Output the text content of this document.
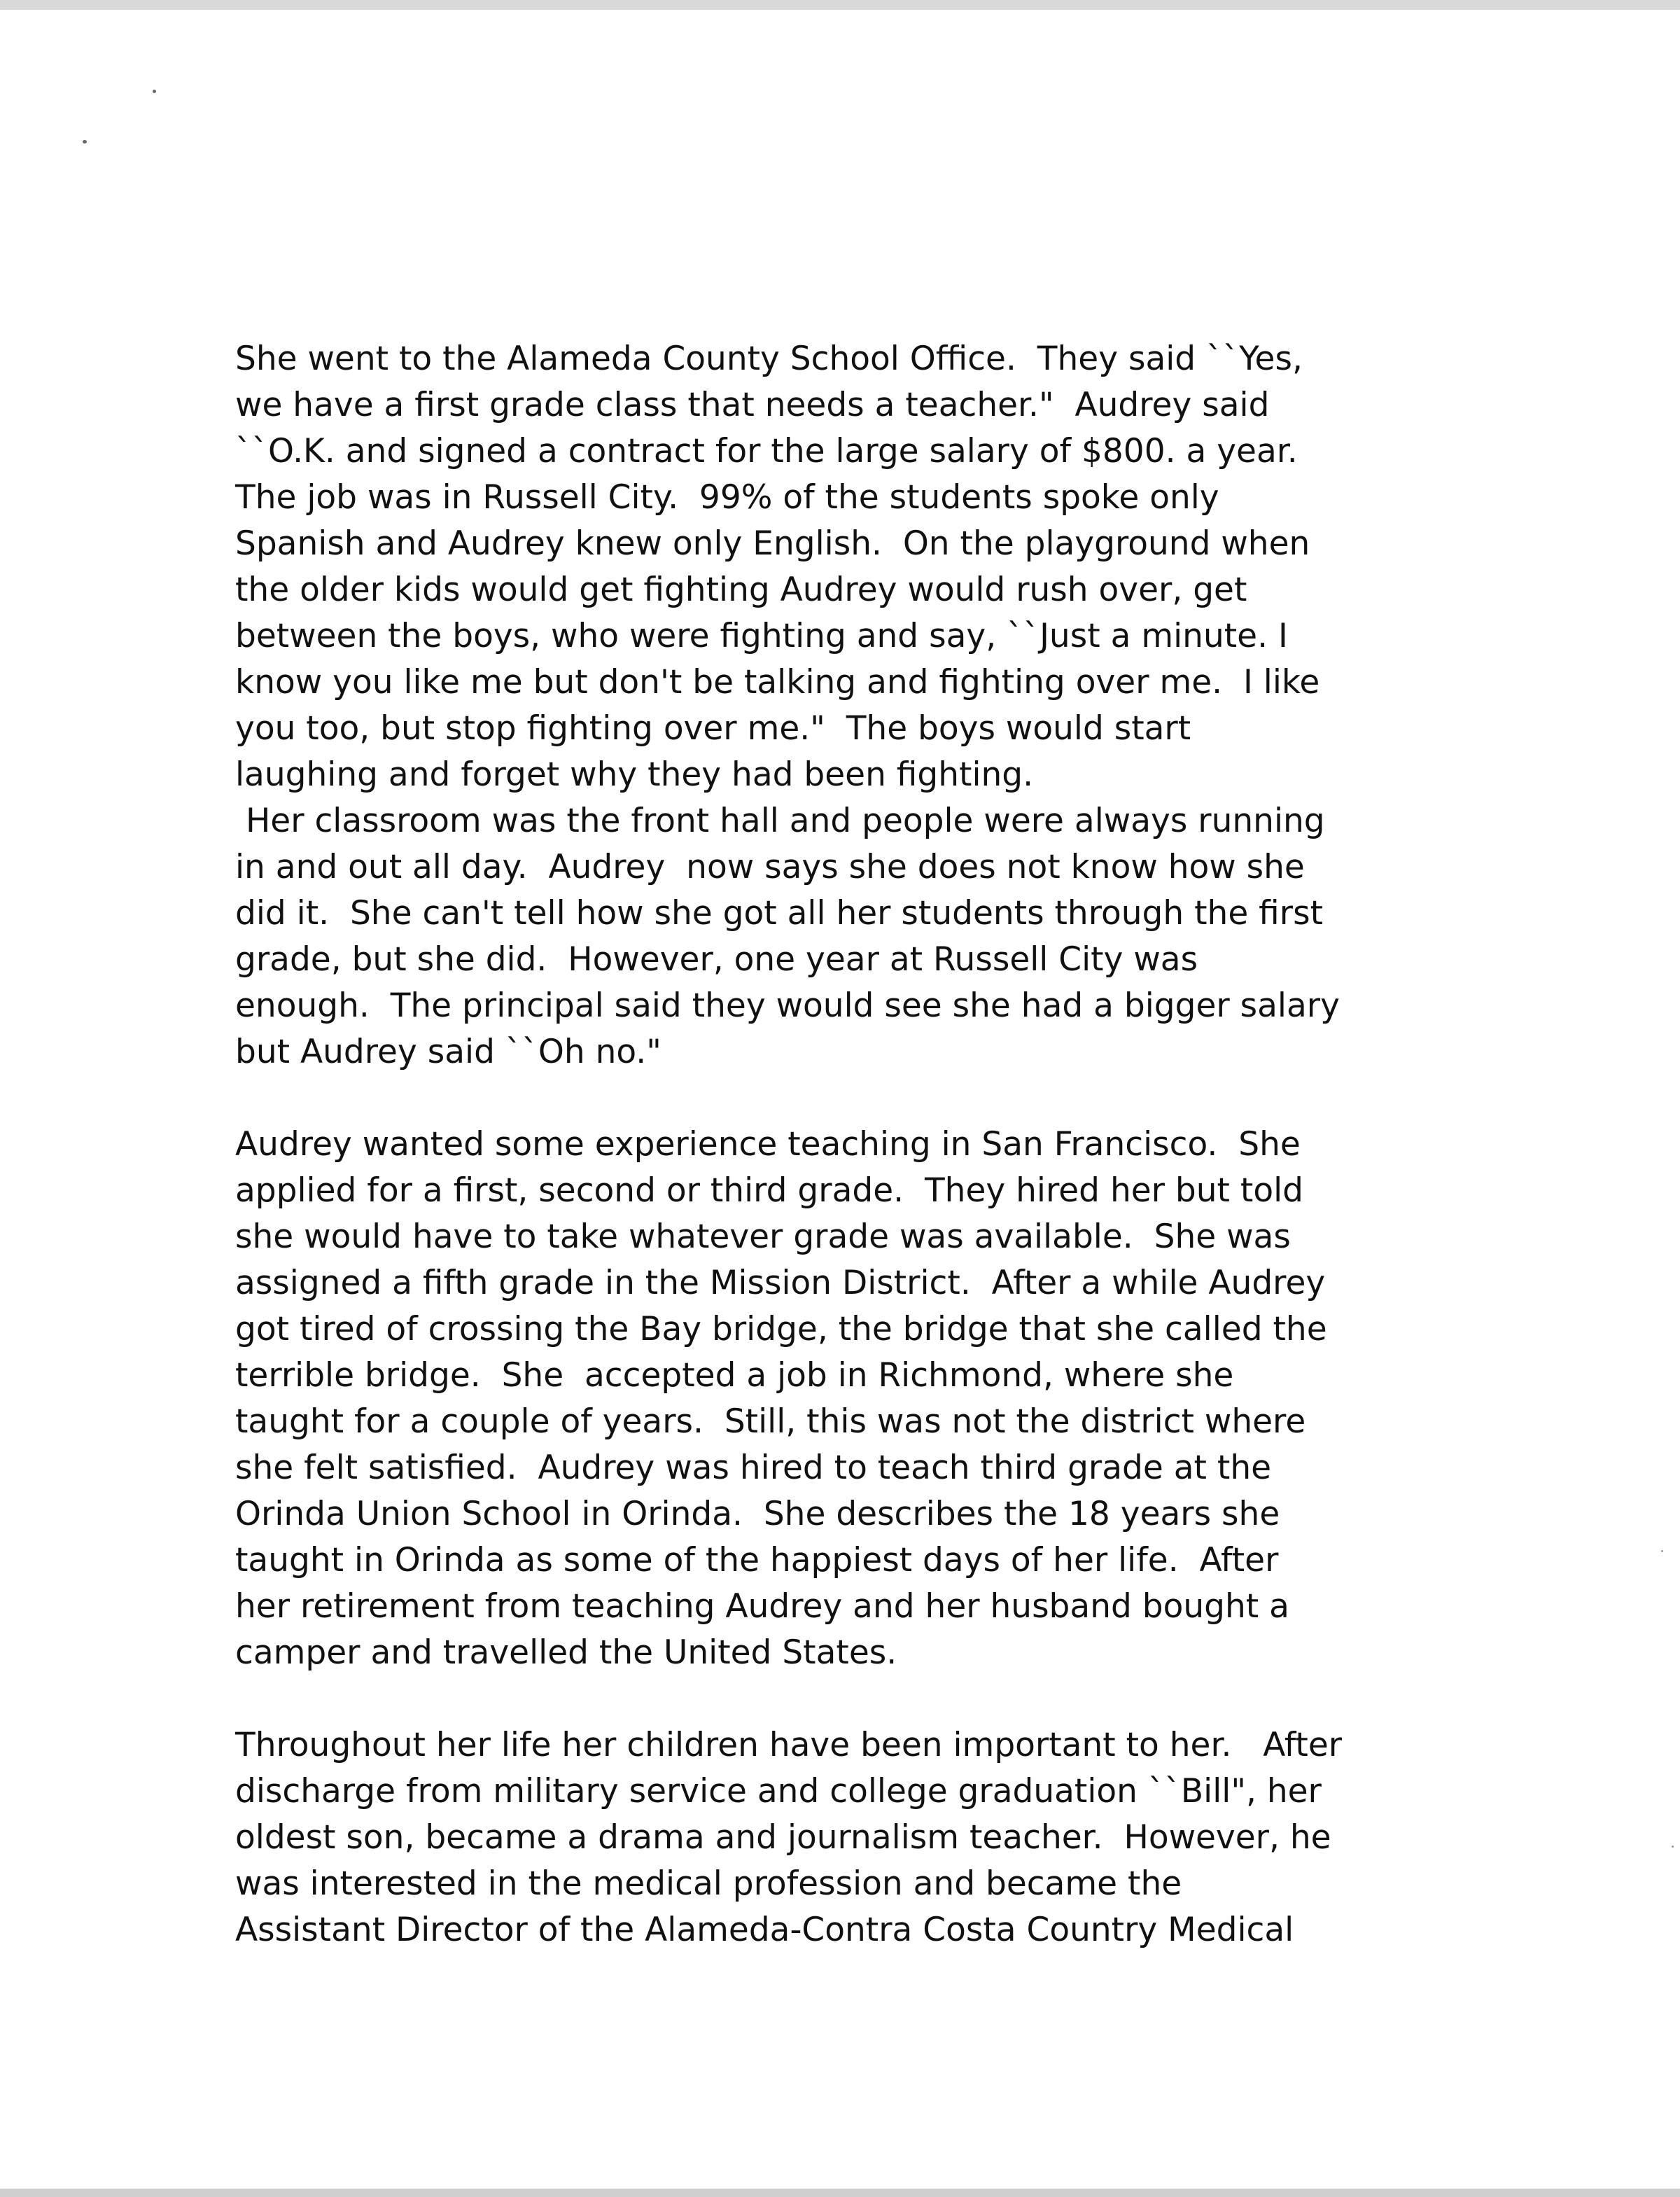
She went to the Alameda County School Office.  They said ``Yes,
we have a first grade class that needs a teacher."  Audrey said
``O.K. and signed a contract for the large salary of $800. a year.
The job was in Russell City.  99% of the students spoke only
Spanish and Audrey knew only English.  On the playground when
the older kids would get fighting Audrey would rush over, get
between the boys, who were fighting and say, ``Just a minute. I
know you like me but don't be talking and fighting over me.  I like
you too, but stop fighting over me."  The boys would start
laughing and forget why they had been fighting.
Her classroom was the front hall and people were always running
in and out all day.  Audrey  now says she does not know how she
did it.  She can't tell how she got all her students through the first
grade, but she did.  However, one year at Russell City was
enough.  The principal said they would see she had a bigger salary
but Audrey said ``Oh no."
Audrey wanted some experience teaching in San Francisco.  She
applied for a first, second or third grade.  They hired her but told
she would have to take whatever grade was available.  She was
assigned a fifth grade in the Mission District.  After a while Audrey
got tired of crossing the Bay bridge, the bridge that she called the
terrible bridge.  She  accepted a job in Richmond, where she
taught for a couple of years.  Still, this was not the district where
she felt satisfied.  Audrey was hired to teach third grade at the
Orinda Union School in Orinda.  She describes the 18 years she
taught in Orinda as some of the happiest days of her life.  After
her retirement from teaching Audrey and her husband bought a
camper and travelled the United States.
Throughout her life her children have been important to her.   After
discharge from military service and college graduation ``Bill", her
oldest son, became a drama and journalism teacher.  However, he
was interested in the medical profession and became the
Assistant Director of the Alameda-Contra Costa Country Medical
